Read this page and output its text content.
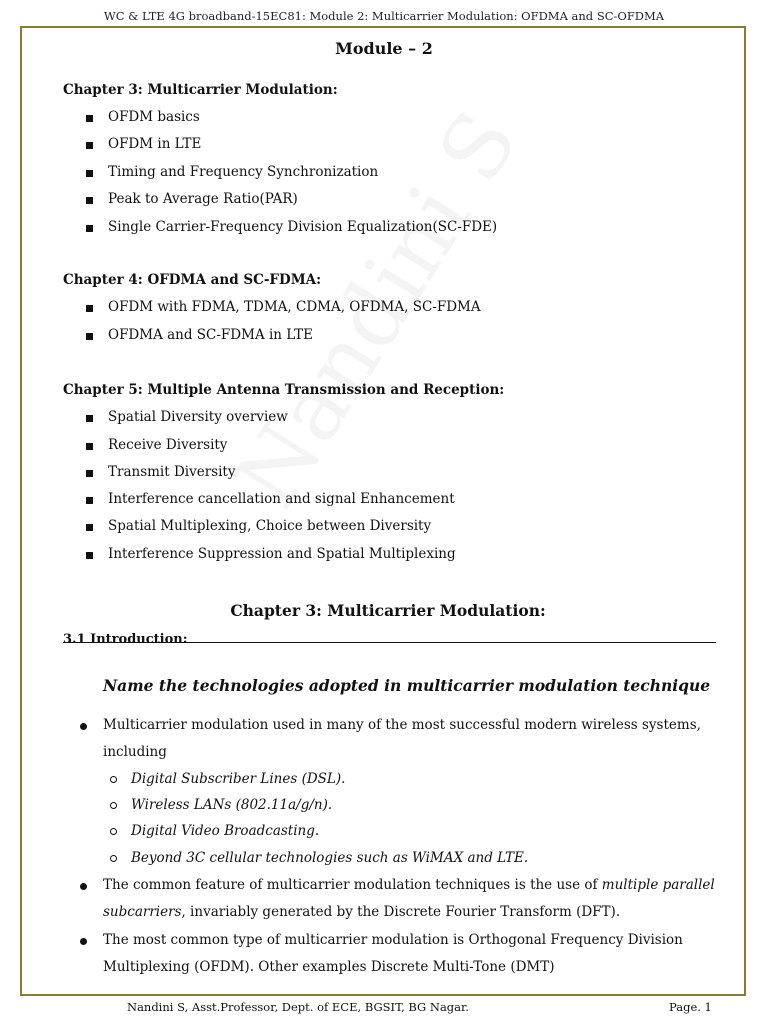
WC & LTE 4G broadband-15EC81: Module 2: Multicarrier Modulation: OFDMA and SC-OFDMA
Module – 2
Chapter 3: Multicarrier Modulation:
OFDM basics
OFDM in LTE
Timing and Frequency Synchronization
Peak to Average Ratio(PAR)
Single Carrier-Frequency Division Equalization(SC-FDE)
Chapter 4: OFDMA and SC-FDMA:
OFDM with FDMA, TDMA, CDMA, OFDMA, SC-FDMA
OFDMA and SC-FDMA in LTE
Chapter 5: Multiple Antenna Transmission and Reception:
Spatial Diversity overview
Receive Diversity
Transmit Diversity
Interference cancellation and signal Enhancement
Spatial Multiplexing, Choice between Diversity
Interference Suppression and Spatial Multiplexing
Chapter 3: Multicarrier Modulation:
3.1 Introduction:
Name the technologies adopted in multicarrier modulation technique
Multicarrier modulation used in many of the most successful modern wireless systems,
including
Digital Subscriber Lines (DSL).
Wireless LANs (802.11a/g/n).
Digital Video Broadcasting.
Beyond 3C cellular technologies such as WiMAX and LTE.
The common feature of multicarrier modulation techniques is the use of multiple parallel
subcarriers, invariably generated by the Discrete Fourier Transform (DFT).
The most common type of multicarrier modulation is Orthogonal Frequency Division
Multiplexing (OFDM). Other examples Discrete Multi-Tone (DMT)
Nandini S, Asst.Professor, Dept. of ECE, BGSIT, BG Nagar.	Page. 1
